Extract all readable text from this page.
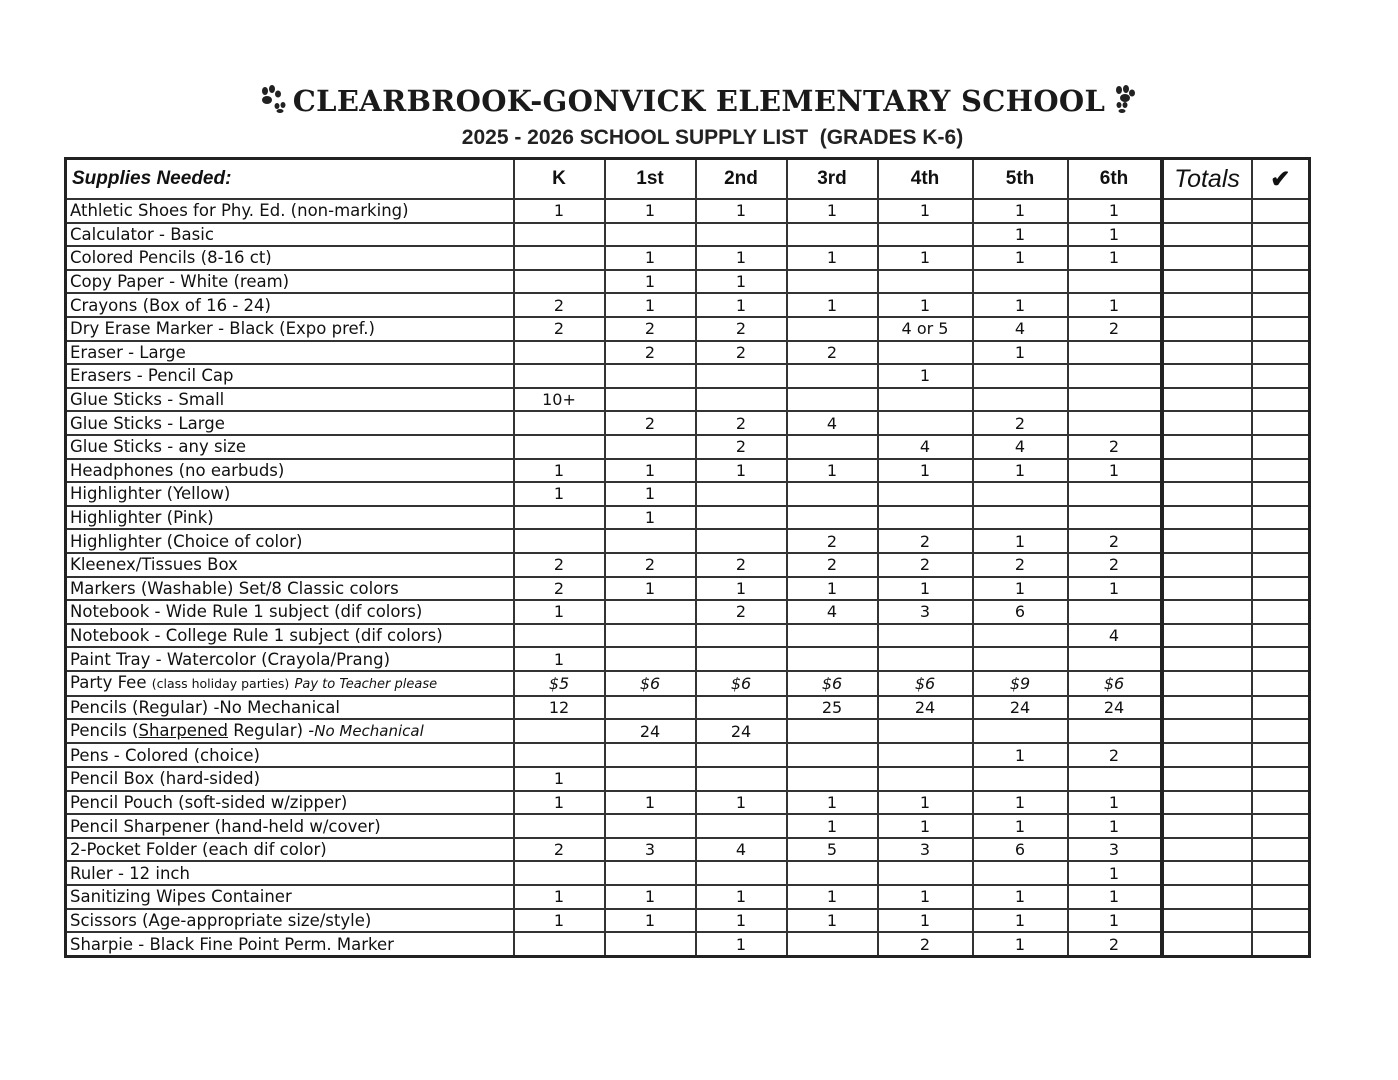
CLEARBROOK-GONVICK ELEMENTARY SCHOOL
2025 - 2026 SCHOOL SUPPLY LIST  (GRADES K-6)
Supplies Needed:	K	1st	2nd	3rd	4th	5th	6th	Totals	✔
Athletic Shoes for Phy. Ed. (non-marking)	1	1	1	1	1	1	1		
Calculator - Basic						1	1		
Colored Pencils (8-16 ct)		1	1	1	1	1	1		
Copy Paper - White (ream)		1	1						
Crayons (Box of 16 - 24)	2	1	1	1	1	1	1		
Dry Erase Marker - Black (Expo pref.)	2	2	2		4 or 5	4	2		
Eraser - Large		2	2	2		1			
Erasers - Pencil Cap					1				
Glue Sticks - Small	10+								
Glue Sticks - Large		2	2	4		2			
Glue Sticks - any size			2		4	4	2		
Headphones (no earbuds)	1	1	1	1	1	1	1		
Highlighter (Yellow)	1	1							
Highlighter (Pink)		1							
Highlighter (Choice of color)				2	2	1	2		
Kleenex/Tissues Box	2	2	2	2	2	2	2		
Markers (Washable) Set/8 Classic colors	2	1	1	1	1	1	1		
Notebook - Wide Rule 1 subject (dif colors)	1		2	4	3	6			
Notebook - College Rule 1 subject (dif colors)							4		
Paint Tray - Watercolor (Crayola/Prang)	1								
Party Fee (class holiday parties) Pay to Teacher please	$5	$6	$6	$6	$6	$9	$6		
Pencils (Regular) -No Mechanical	12			25	24	24	24		
Pencils (Sharpened Regular) -No Mechanical		24	24						
Pens - Colored (choice)						1	2		
Pencil Box (hard-sided)	1								
Pencil Pouch (soft-sided w/zipper)	1	1	1	1	1	1	1		
Pencil Sharpener (hand-held w/cover)				1	1	1	1		
2-Pocket Folder (each dif color)	2	3	4	5	3	6	3		
Ruler - 12 inch							1		
Sanitizing Wipes Container	1	1	1	1	1	1	1		
Scissors (Age-appropriate size/style)	1	1	1	1	1	1	1		
Sharpie - Black Fine Point Perm. Marker			1		2	1	2		
